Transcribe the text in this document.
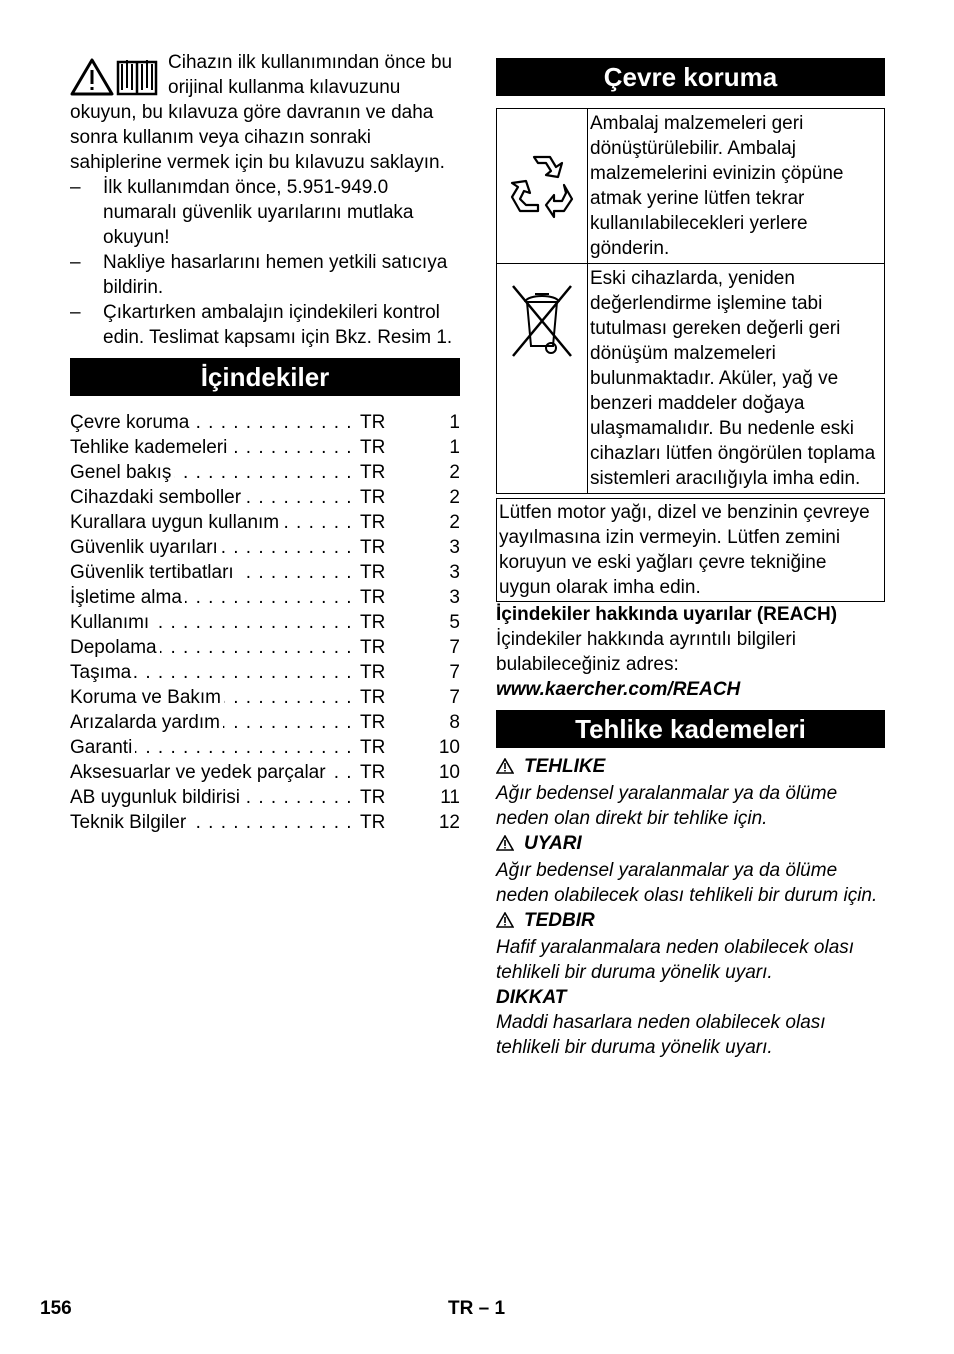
Cihazın ilk kullanımından önce bu orijinal kullanma kılavuzunu okuyun, bu kılavuza göre davranın ve daha sonra kullanım veya cihazın sonraki sahiplerine vermek için bu kılavuzu saklayın.

– İlk kullanımdan önce, 5.951-949.0 numaralı güvenlik uyarılarını mutlaka okuyun!
– Nakliye hasarlarını hemen yetkili satıcıya bildirin.
– Çıkartırken ambalajın içindekileri kontrol edin. Teslimat kapsamı için Bkz. Resim 1.
İçindekiler
Çevre koruma . . .	TR	1

Tehlike kademeleri . . .	TR	1

Genel bakış . . .	TR	2

Cihazdaki semboller . . .	TR	2

Kurallara uygun kullanım . . .	TR	2

Güvenlik uyarıları . . .	TR	3

Güvenlik tertibatları . . .	TR	3

İşletime alma . . .	TR	3

Kullanımı . . .	TR	5

Depolama . . .	TR	7

Taşıma . . .	TR	7

Koruma ve Bakım . . .	TR	7

Arızalarda yardım . . .	TR	8

Garanti . . .	TR	10

Aksesuarlar ve yedek parçalar . . .	TR	10

AB uygunluk bildirisi . . .	TR	11

Teknik Bilgiler . . .	TR	12
Çevre koruma
	Ambalaj malzemeleri geri dönüştürülebilir. Ambalaj malzemelerini evinizin çöpüne atmak yerine lütfen tekrar kullanılabilecekleri yerlere gönderin.
	Eski cihazlarda, yeniden değerlendirme işlemine tabi tutulması gereken değerli geri dönüşüm malzemeleri bulunmaktadır. Aküler, yağ ve benzeri maddeler doğaya ulaşmamalıdır. Bu nedenle eski cihazları lütfen öngörülen toplama sistemleri aracılığıyla imha edin.

Lütfen motor yağı, dizel ve benzinin çevreye yayılmasına izin vermeyin. Lütfen zemini koruyun ve eski yağları çevre tekniğine uygun olarak imha edin.

İçindekiler hakkında uyarılar (REACH)

İçindekiler hakkında ayrıntılı bilgileri bulabileceğiniz adres:

www.kaercher.com/REACH

Tehlike kademeleri
TEHLIKE

Ağır bedensel yaralanmalar ya da ölüme neden olan direkt bir tehlike için.

UYARI

Ağır bedensel yaralanmalar ya da ölüme neden olabilecek olası tehlikeli bir durum için.

TEDBIR

Hafif yaralanmalara neden olabilecek olası tehlikeli bir duruma yönelik uyarı.

DIKKAT

Maddi hasarlara neden olabilecek olası tehlikeli bir duruma yönelik uyarı.

156	TR – 1
